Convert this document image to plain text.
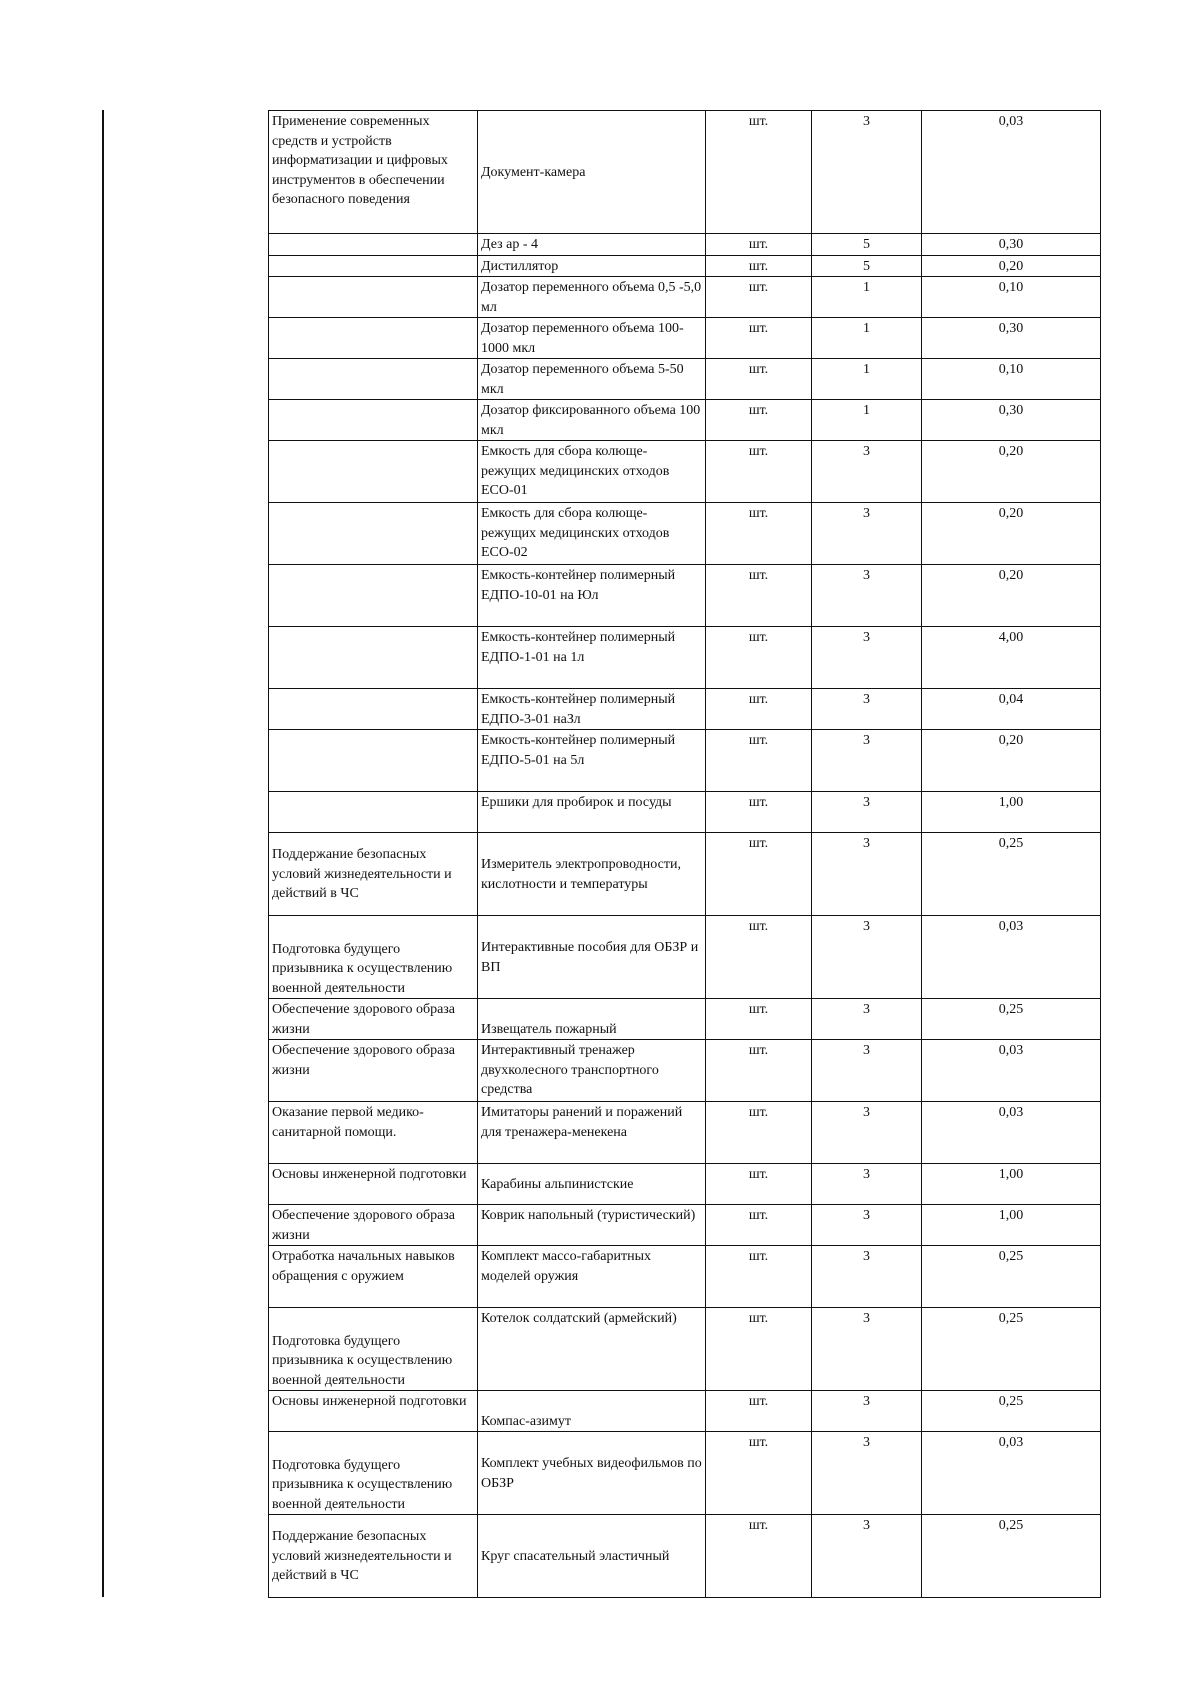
Применение современных средств и устройств информатизации и цифровых инструментов в обеспечении безопасного поведения	Документ-камера	шт.	3	0,03
	Дез ар - 4	шт.	5	0,30
	Дистиллятор	шт.	5	0,20
	Дозатор переменного объема 0,5 -5,0 мл	шт.	1	0,10
	Дозатор переменного объема 100-1000 мкл	шт.	1	0,30
	Дозатор переменного объема 5-50 мкл	шт.	1	0,10
	Дозатор фиксированного объема 100 мкл	шт.	1	0,30
	Емкость для сбора колюще-режущих медицинских отходов ЕСО-01	шт.	3	0,20
	Емкость для сбора колюще-режущих медицинских отходов ЕСО-02	шт.	3	0,20
	Емкость-контейнер полимерный ЕДПО-10-01 на Юл	шт.	3	0,20
	Емкость-контейнер полимерный ЕДПО-1-01 на 1л	шт.	3	4,00
	Емкость-контейнер полимерный ЕДПО-3-01 наЗл	шт.	3	0,04
	Емкость-контейнер полимерный ЕДПО-5-01 на 5л	шт.	3	0,20
	Ершики для пробирок и посуды	шт.	3	1,00
Поддержание безопасных условий жизнедеятельности и действий в ЧС	Измеритель электропроводности, кислотности и температуры	шт.	3	0,25
Подготовка будущего призывника к осуществлению военной деятельности	Интерактивные пособия для ОБЗР и ВП	шт.	3	0,03
Обеспечение здорового образа жизни	Извещатель пожарный	шт.	3	0,25
Обеспечение здорового образа жизни	Интерактивный тренажер двухколесного транспортного средства	шт.	3	0,03
Оказание первой медико-санитарной помощи.	Имитаторы ранений и поражений для тренажера-менекена	шт.	3	0,03
Основы инженерной подготовки	Карабины альпинистские	шт.	3	1,00
Обеспечение здорового образа жизни	Коврик напольный (туристический)	шт.	3	1,00
Отработка начальных навыков обращения с оружием	Комплект массо-габаритных моделей оружия	шт.	3	0,25
Подготовка будущего призывника к осуществлению военной деятельности	Котелок солдатский (армейский)	шт.	3	0,25
Основы инженерной подготовки	Компас-азимут	шт.	3	0,25
Подготовка будущего призывника к осуществлению военной деятельности	Комплект учебных видеофильмов по ОБЗР	шт.	3	0,03
Поддержание безопасных условий жизнедеятельности и действий в ЧС	Круг спасательный эластичный	шт.	3	0,25
